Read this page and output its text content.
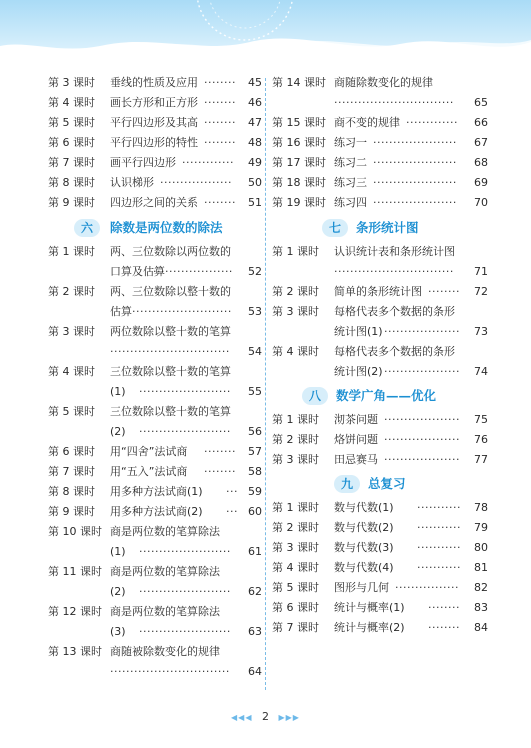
第 3 课时 垂线的性质及应用	45
········
第 4 课时 画长方形和正方形	46
········
第 5 课时 平行四边形及其高	47
········
第 6 课时 平行四边形的特性	48
········
第 7 课时 画平行四边形	49
·············
第 8 课时 认识梯形	50
··················
第 9 课时 四边形之间的关系	51
········
六	除数是两位数的除法
第 1 课时 两、三位数除以两位数的
口算及估算	52
····················
第 2 课时 两、三位数除以整十数的
估算	53
·························
第 3 课时 两位数除以整十数的笔算
54
······························
第 4 课时 三位数除以整十数的笔算
(1)	55
·······················
第 5 课时 三位数除以整十数的笔算
(2)	56
·······················
第 6 课时 用“四舍”法试商	57
········
第 7 课时 用“五入”法试商	58
········
第 8 课时 用多种方法试商(1)	59
···
第 9 课时 用多种方法试商(2)	60
···
第 10 课时 商是两位数的笔算除法
(1)	61
·······················
第 11 课时 商是两位数的笔算除法
(2)	62
·······················
第 12 课时 商是两位数的笔算除法
(3)	63
·······················
第 13 课时 商随被除数变化的规律
64
······························
第 14 课时 商随除数变化的规律
65
······························
第 15 课时 商不变的规律	66
·············
第 16 课时 练习一	67
·····················
第 17 课时 练习二	68
·····················
第 18 课时 练习三	69
·····················
第 19 课时 练习四	70
·····················
七	条形统计图
第 1 课时 认识统计表和条形统计图
71
······························
第 2 课时 简单的条形统计图	72
········
第 3 课时 每格代表多个数据的条形
统计图(1)	73
···················
第 4 课时 每格代表多个数据的条形
统计图(2)	74
···················
八	数学广角——优化
第 1 课时 沏茶问题	75
···················
第 2 课时 烙饼问题	76
···················
第 3 课时 田忌赛马	77
···················
九	总复习
第 1 课时 数与代数(1)	78
···········
第 2 课时 数与代数(2)	79
···········
第 3 课时 数与代数(3)	80
···········
第 4 课时 数与代数(4)	81
···········
第 5 课时 图形与几何	82
················
第 6 课时 统计与概率(1)	83
········
第 7 课时 统计与概率(2)	84
········
◀◀◀ 2 ▶▶▶
